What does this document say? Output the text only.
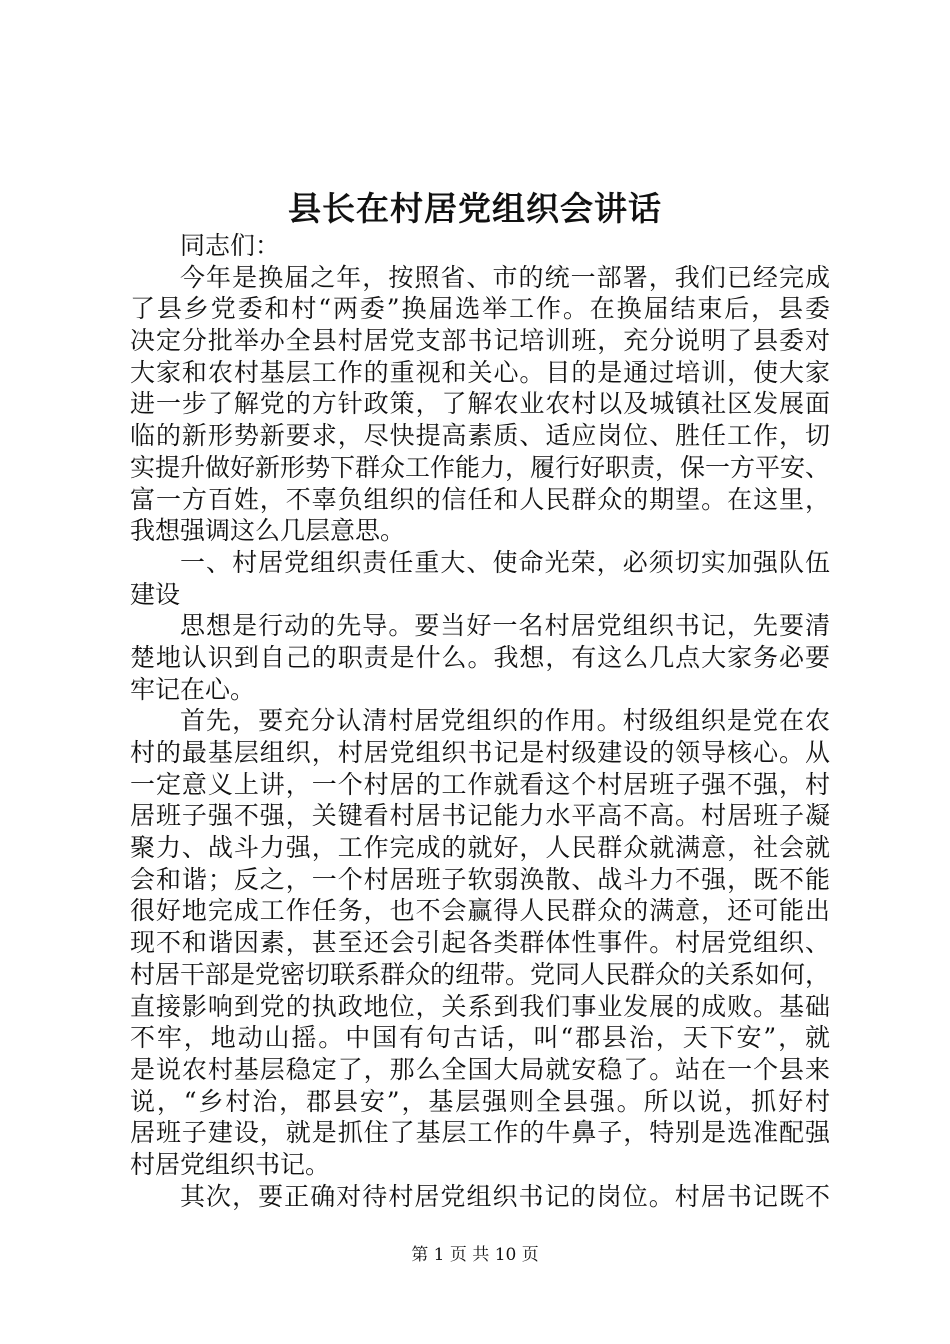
县长在村居党组织会讲话
同志们：
今年是换届之年，按照省、市的统一部署，我们已经完成
了县乡党委和村“两委”换届选举工作。在换届结束后，县委
决定分批举办全县村居党支部书记培训班，充分说明了县委对
大家和农村基层工作的重视和关心。目的是通过培训，使大家
进一步了解党的方针政策，了解农业农村以及城镇社区发展面
临的新形势新要求，尽快提高素质、适应岗位、胜任工作，切
实提升做好新形势下群众工作能力，履行好职责，保一方平安、
富一方百姓，不辜负组织的信任和人民群众的期望。在这里，
我想强调这么几层意思。
一、村居党组织责任重大、使命光荣，必须切实加强队伍
建设
思想是行动的先导。要当好一名村居党组织书记，先要清
楚地认识到自己的职责是什么。我想，有这么几点大家务必要
牢记在心。
首先，要充分认清村居党组织的作用。村级组织是党在农
村的最基层组织，村居党组织书记是村级建设的领导核心。从
一定意义上讲，一个村居的工作就看这个村居班子强不强，村
居班子强不强，关键看村居书记能力水平高不高。村居班子凝
聚力、战斗力强，工作完成的就好，人民群众就满意，社会就
会和谐；反之，一个村居班子软弱涣散、战斗力不强，既不能
很好地完成工作任务，也不会赢得人民群众的满意，还可能出
现不和谐因素，甚至还会引起各类群体性事件。村居党组织、
村居干部是党密切联系群众的纽带。党同人民群众的关系如何，
直接影响到党的执政地位，关系到我们事业发展的成败。基础
不牢，地动山摇。中国有句古话，叫“郡县治，天下安”，就
是说农村基层稳定了，那么全国大局就安稳了。站在一个县来
说，“乡村治，郡县安”，基层强则全县强。所以说，抓好村
居班子建设，就是抓住了基层工作的牛鼻子，特别是选准配强
村居党组织书记。
其次，要正确对待村居党组织书记的岗位。村居书记既不
第 1 页 共 10 页
